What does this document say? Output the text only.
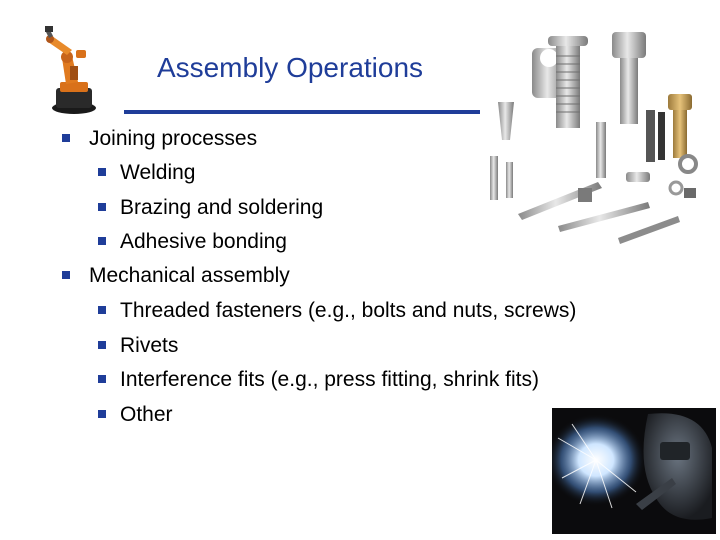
Assembly Operations
Joining processes
Welding
Brazing and soldering
Adhesive bonding
Mechanical assembly
Threaded fasteners (e.g., bolts and nuts, screws)
Rivets
Interference fits (e.g., press fitting, shrink fits)
Other
